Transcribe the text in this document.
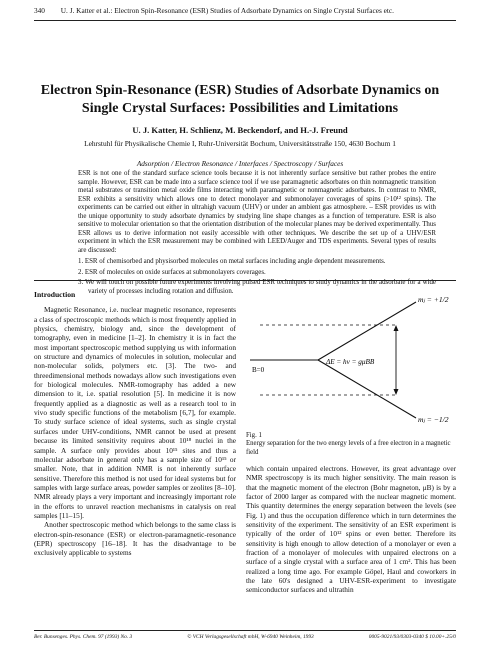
340 U. J. Katter et al.: Electron Spin-Resonance (ESR) Studies of Adsorbate Dynamics on Single Crystal Surfaces etc.
Electron Spin-Resonance (ESR) Studies of Adsorbate Dynamics on Single Crystal Surfaces: Possibilities and Limitations
U. J. Katter, H. Schlienz, M. Beckendorf, and H.-J. Freund
Lehrstuhl für Physikalische Chemie I, Ruhr-Universität Bochum, Universitätsstraße 150, 4630 Bochum 1
Adsorption / Electron Resonance / Interfaces / Spectroscopy / Surfaces

ESR is not one of the standard surface science tools because it is not inherently surface sensitive but rather probes the entire sample. However, ESR can be made into a surface science tool if we use paramagnetic adsorbates on thin nonmagnetic transition metal substrates or transition metal oxide films interacting with paramagnetic or nonmagnetic adsorbates. In contrast to NMR, ESR exhibits a sensitivity which allows one to detect monolayer and submonolayer coverages of spins (>10¹² spins). The experiments can be carried out either in ultrahigh vacuum (UHV) or under an ambient gas atmosphere. – ESR provides us with the unique opportunity to study adsorbate dynamics by studying line shape changes as a function of temperature. ESR is also sensitive to molecular orientation so that the orientation distribution of the molecular planes may be derived experimentally. Thus ESR allows us to derive information not easily accessible with other techniques. We describe the set up of a UHV/ESR experiment in which the ESR measurement may be combined with LEED/Auger and TDS experiments. Several types of results are discussed:

1. ESR of chemisorbed and physisorbed molecules on metal surfaces including angle dependent measurements.
2. ESR of molecules on oxide surfaces at submonolayers coverages.
3. We will touch on possible future experiments involving pulsed ESR techniques to study dynamics in the adsorbate for a wide variety of processes including rotation and diffusion.
Introduction

Magnetic Resonance, i.e. nuclear magnetic resonance, represents a class of spectroscopic methods which is most frequently applied in physics, chemistry, biology and, since the development of tomography, even in medicine [1–2]. In chemistry it is in fact the most important spectroscopic method supplying us with information on structure and dynamics of molecules in solution, molecular and non-molecular solids, polymers etc. [3]. The two- and threedimensional methods nowadays allow such investigations even for biological molecules. NMR-tomography has added a new dimension to it, i.e. spatial resolution [5]. In medicine it is now frequently applied as a diagnostic as well as a research tool to in vivo study specific functions of the metabolism [6,7], for example. To study surface science of ideal systems, such as single crystal surfaces under UHV-conditions, NMR cannot be used at present because its limited sensitivity requires about 10¹⁸ nuclei in the sample. A surface only provides about 10¹⁵ sites and thus a molecular adsorbate in general only has a sample size of 10¹⁵ or smaller. Note, that in addition NMR is not inherently surface sensitive. Therefore this method is not used for ideal systems but for samples with large surface areas, powder samples or zeolites [8–10]. NMR already plays a very important and increasingly important role in the efforts to unravel reaction mechanisms in catalysis on real samples [11–15].

Another spectroscopic method which belongs to the same class is electron-spin-resonance (ESR) or electron-paramagnetic-resonance (EPR) spectroscopy [16–18]. It has the disadvantage to be exclusively applicable to systems

mⱼ = +1/2
mⱼ = −1/2
B=0
ΔE = hν = gμBB
Fig. 1
Energy separation for the two energy levels of a free electron in a magnetic field

which contain unpaired electrons. However, its great advantage over NMR spectroscopy is its much higher sensitivity. The main reason is that the magnetic moment of the electron (Bohr magneton, μB) is by a factor of 2000 larger as compared with the nuclear magnetic moment. This quantity determines the energy separation between the levels (see Fig. 1) and thus the occupation difference which in turn determines the sensitivity of the experiment. The sensitivity of an ESR experiment is typically of the order of 10¹² spins or even better. Therefore its sensitivity is high enough to allow detection of a monolayer or even a fraction of a monolayer of molecules with unpaired electrons on a surface of a single crystal with a surface area of 1 cm². This has been realized a long time ago. For example Göpel, Haul and coworkers in the late 60's designed a UHV-ESR-experiment to investigate semiconductor surfaces and ultrathin

Ber. Bunsenges. Phys. Chem. 97 (1993) No. 3	© VCH Verlagsgesellschaft mbH, W-6940 Weinheim, 1993	0005-9021/93/0303-0340 $ 10.00+.25/0
